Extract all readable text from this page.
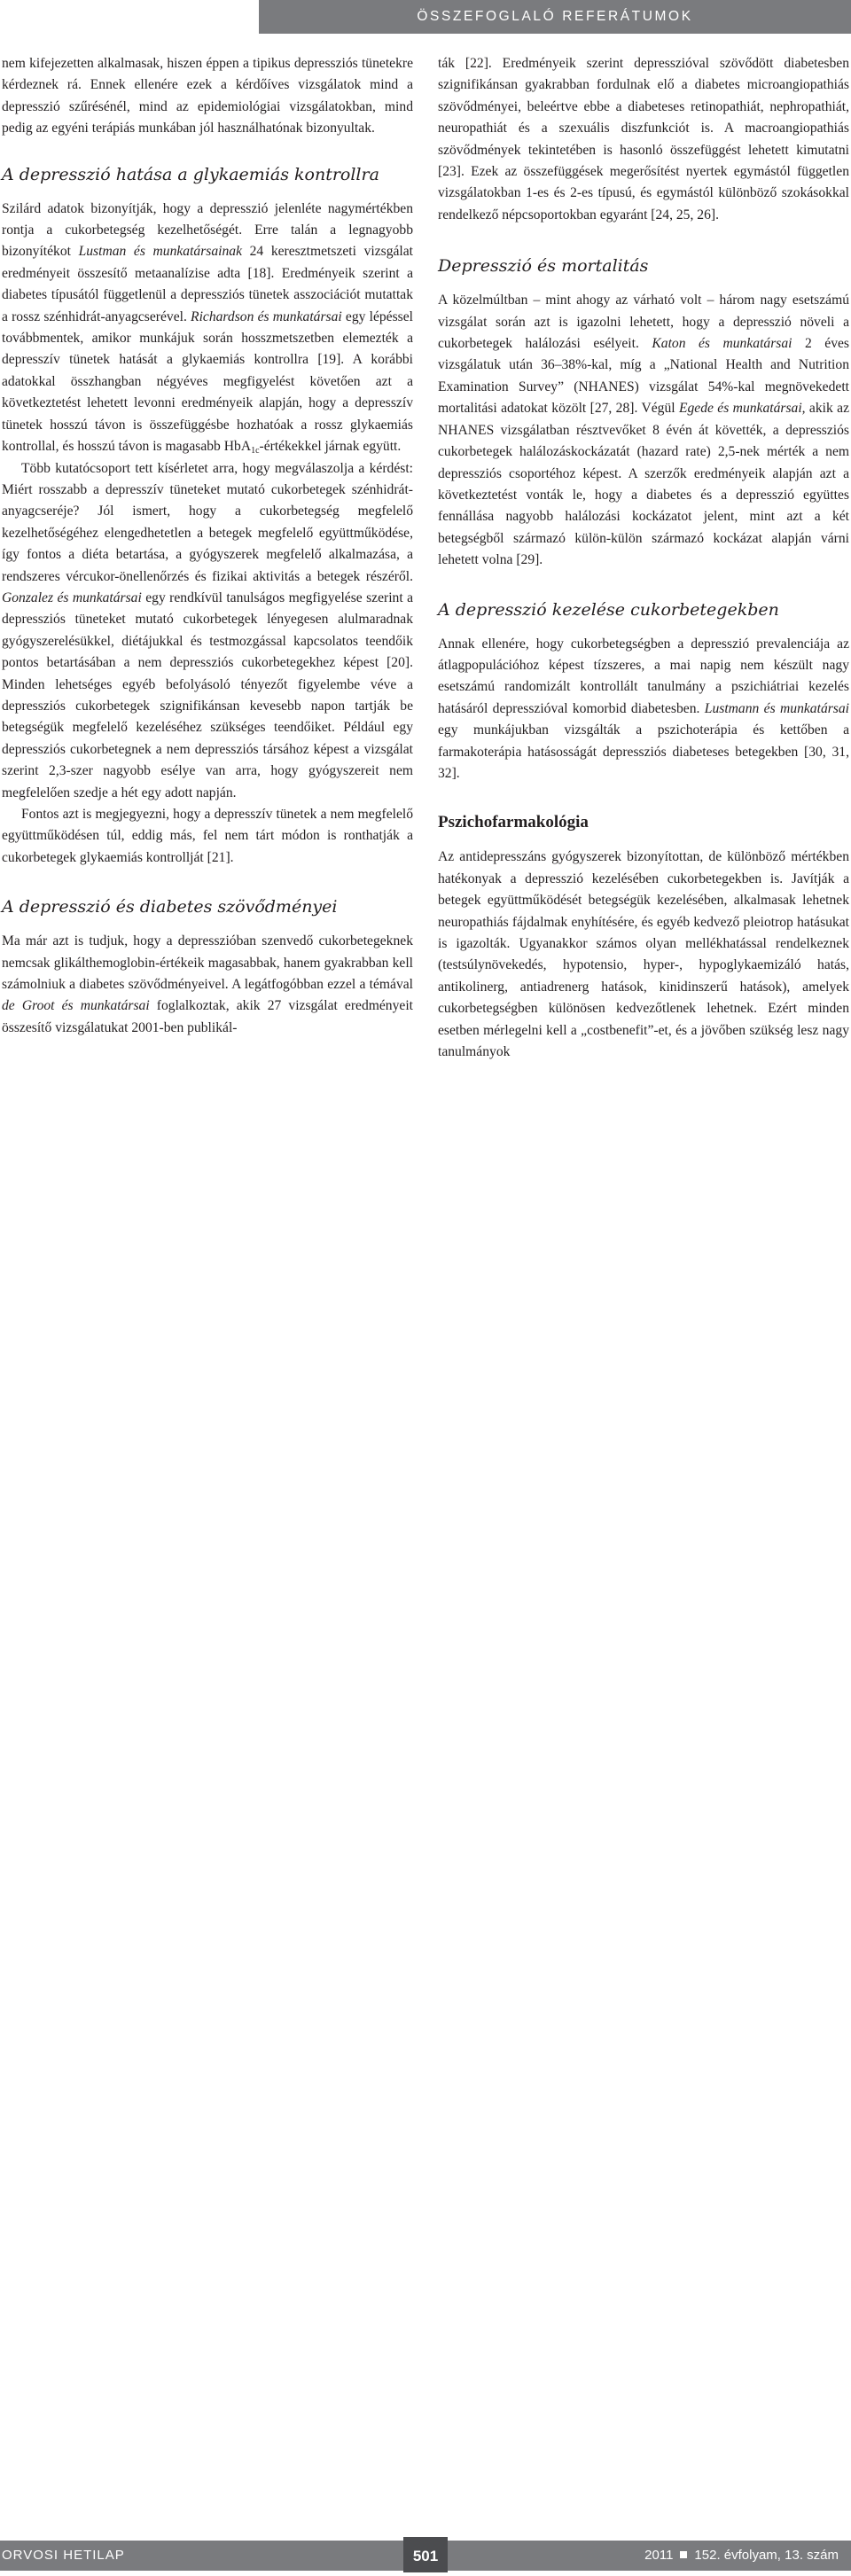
ÖSSZEFOGLALÓ REFERÁTUMOK

nem kifejezetten alkalmasak, hiszen éppen a tipikus depressziós tünetekre kérdeznek rá. Ennek ellenére ezek a kérdőíves vizsgálatok mind a depresszió szűrésénél, mind az epidemiológiai vizsgálatokban, mind pedig az egyéni terápiás munkában jól használhatónak bizonyultak.

A depresszió hatása a glykaemiás kontrollra

Szilárd adatok bizonyítják, hogy a depresszió jelenléte nagymértékben rontja a cukorbetegség kezelhetőségét. Erre talán a legnagyobb bizonyítékot Lustman és munkatársainak 24 keresztmetszeti vizsgálat eredményeit összesítő metaanalízise adta [18]. Eredményeik szerint a diabetes típusától függetlenül a depressziós tünetek asszociációt mutattak a rossz szénhidrát-anyagcserével. Richardson és munkatársai egy lépéssel továbbmentek, amikor munkájuk során hosszmetszetben elemezték a depresszív tünetek hatását a glykaemiás kontrollra [19]. A korábbi adatokkal összhangban négyéves megfigyelést követően azt a következtetést lehetett levonni eredményeik alapján, hogy a depresszív tünetek hosszú távon is összefüggésbe hozhatóak a rossz glykaemiás kontrollal, és hosszú távon is magasabb HbA$_{1c}$-értékekkel járnak együtt.

Több kutatócsoport tett kísérletet arra, hogy megválaszolja a kérdést: Miért rosszabb a depresszív tüneteket mutató cukorbetegek szénhidrát-anyagcseréje? Jól ismert, hogy a cukorbetegség megfelelő kezelhetőségéhez elengedhetetlen a betegek megfelelő együttműködése, így fontos a diéta betartása, a gyógyszerek megfelelő alkalmazása, a rendszeres vércukor-önellenőrzés és fizikai aktivitás a betegek részéről. Gonzalez és munkatársai egy rendkívül tanulságos megfigyelése szerint a depressziós tüneteket mutató cukorbetegek lényegesen alulmaradnak gyógyszerelésükkel, diétájukkal és testmozgással kapcsolatos teendőik pontos betartásában a nem depressziós cukorbetegekhez képest [20]. Minden lehetséges egyéb befolyásoló tényezőt figyelembe véve a depressziós cukorbetegek szignifikánsan kevesebb napon tartják be betegségük megfelelő kezeléséhez szükséges teendőiket. Például egy depressziós cukorbetegnek a nem depressziós társához képest a vizsgálat szerint 2,3-szer nagyobb esélye van arra, hogy gyógyszereit nem megfelelően szedje a hét egy adott napján.

Fontos azt is megjegyezni, hogy a depresszív tünetek a nem megfelelő együttműködésen túl, eddig más, fel nem tárt módon is ronthatják a cukorbetegek glykaemiás kontrollját [21].

A depresszió és diabetes szövődményei

Ma már azt is tudjuk, hogy a depresszióban szenvedő cukorbetegeknek nemcsak glikálthemoglobin-értékeik magasabbak, hanem gyakrabban kell számolniuk a diabetes szövődményeivel. A legátfogóbban ezzel a témával de Groot és munkatársai foglalkoztak, akik 27 vizsgálat eredményeit összesítő vizsgálatukat 2001-ben publikál-

ták [22]. Eredményeik szerint depresszióval szövődött diabetesben szignifikánsan gyakrabban fordulnak elő a diabetes microangiopathiás szövődményei, beleértve ebbe a diabeteses retinopathiát, nephropathiát, neuropathiát és a szexuális diszfunkciót is. A macroangiopathiás szövődmények tekintetében is hasonló összefüggést lehetett kimutatni [23]. Ezek az összefüggések megerősítést nyertek egymástól független vizsgálatokban 1-es és 2-es típusú, és egymástól különböző szokásokkal rendelkező népcsoportokban egyaránt [24, 25, 26].

Depresszió és mortalitás

A közelmúltban – mint ahogy az várható volt – három nagy esetszámú vizsgálat során azt is igazolni lehetett, hogy a depresszió növeli a cukorbetegek halálozási esélyeit. Katon és munkatársai 2 éves vizsgálatuk után 36–38%-kal, míg a „National Health and Nutrition Examination Survey” (NHANES) vizsgálat 54%-kal megnövekedett mortalitási adatokat közölt [27, 28]. Végül Egede és munkatársai, akik az NHANES vizsgálatban résztvevőket 8 évén át követték, a depressziós cukorbetegek halálozáskockázatát (hazard rate) 2,5-nek mérték a nem depressziós csoportéhoz képest. A szerzők eredményeik alapján azt a következtetést vonták le, hogy a diabetes és a depresszió együttes fennállása nagyobb halálozási kockázatot jelent, mint azt a két betegségből származó külön-külön származó kockázat alapján várni lehetett volna [29].

A depresszió kezelése cukorbetegekben

Annak ellenére, hogy cukorbetegségben a depresszió prevalenciája az átlagpopulációhoz képest tízszeres, a mai napig nem készült nagy esetszámú randomizált kontrollált tanulmány a pszichiátriai kezelés hatásáról depresszióval komorbid diabetesben. Lustmann és munkatársai egy munkájukban vizsgálták a pszichoterápia és kettőben a farmakoterápia hatásosságát depressziós diabeteses betegekben [30, 31, 32].

Pszichofarmakológia

Az antidepresszáns gyógyszerek bizonyítottan, de különböző mértékben hatékonyak a depresszió kezelésében cukorbetegekben is. Javítják a betegek együttműködését betegségük kezelésében, alkalmasak lehetnek neuropathiás fájdalmak enyhítésére, és egyéb kedvező pleiotrop hatásukat is igazolták. Ugyanakkor számos olyan mellékhatással rendelkeznek (testsúlynövekedés, hypotensio, hyper-, hypoglykaemizáló hatás, antikolinerg, antiadrenerg hatások, kinidinszerű hatások), amelyek cukorbetegségben különösen kedvezőtlenek lehetnek. Ezért minden esetben mérlegelni kell a „costbenefit”-et, és a jövőben szükség lesz nagy tanulmányok

ORVOSI HETILAP	501	2011 152. évfolyam, 13. szám
